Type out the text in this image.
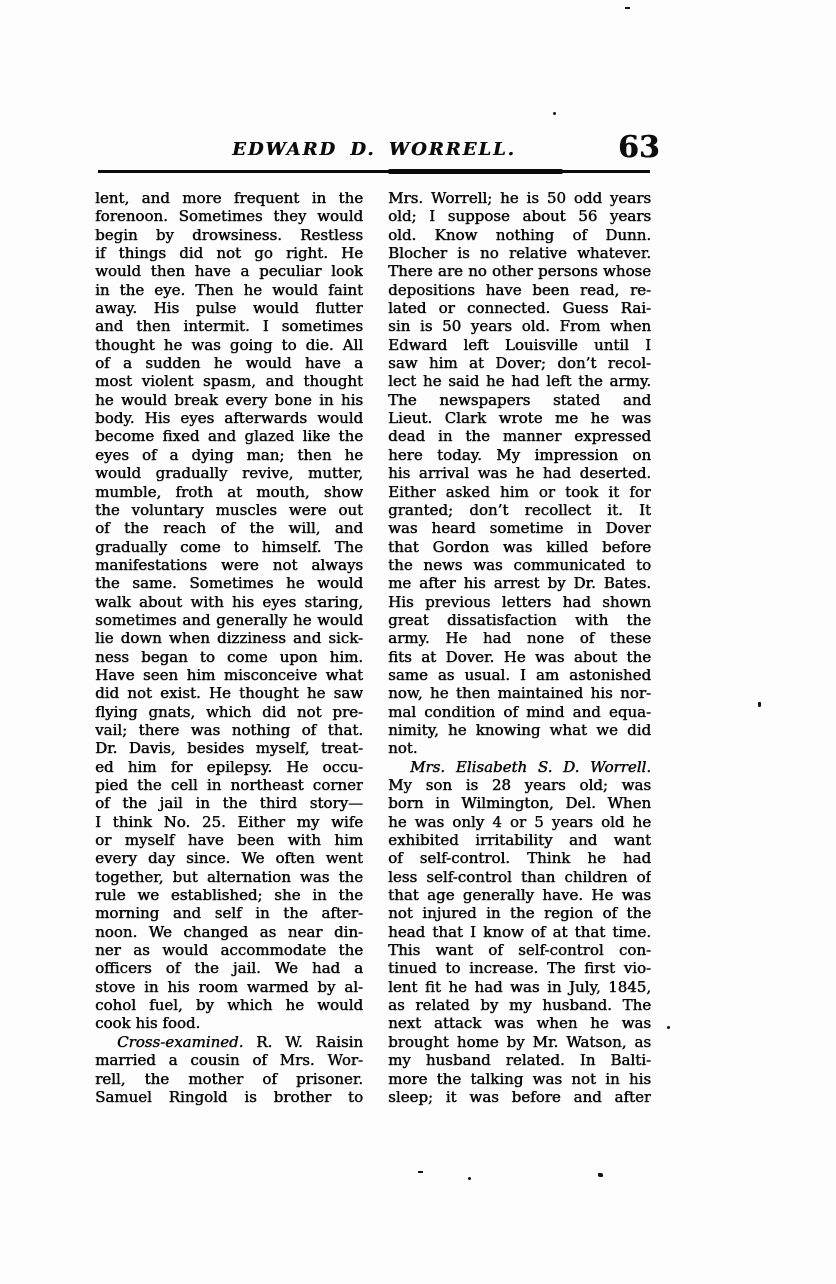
EDWARD D. WORRELL.	63
lent, and more frequent in the
forenoon. Sometimes they would
begin by drowsiness. Restless
if things did not go right. He
would then have a peculiar look
in the eye. Then he would faint
away. His pulse would flutter
and then intermit. I sometimes
thought he was going to die. All
of a sudden he would have a
most violent spasm, and thought
he would break every bone in his
body. His eyes afterwards would
become fixed and glazed like the
eyes of a dying man; then he
would gradually revive, mutter,
mumble, froth at mouth, show
the voluntary muscles were out
of the reach of the will, and
gradually come to himself. The
manifestations were not always
the same. Sometimes he would
walk about with his eyes staring,
sometimes and generally he would
lie down when dizziness and sick-
ness began to come upon him.
Have seen him misconceive what
did not exist. He thought he saw
flying gnats, which did not pre-
vail; there was nothing of that.
Dr. Davis, besides myself, treat-
ed him for epilepsy. He occu-
pied the cell in northeast corner
of the jail in the third story—
I think No. 25. Either my wife
or myself have been with him
every day since. We often went
together, but alternation was the
rule we established; she in the
morning and self in the after-
noon. We changed as near din-
ner as would accommodate the
officers of the jail. We had a
stove in his room warmed by al-
cohol fuel, by which he would
cook his food.
Cross-examined. R. W. Raisin
married a cousin of Mrs. Wor-
rell, the mother of prisoner.
Samuel Ringold is brother to
Mrs. Worrell; he is 50 odd years
old; I suppose about 56 years
old. Know nothing of Dunn.
Blocher is no relative whatever.
There are no other persons whose
depositions have been read, re-
lated or connected. Guess Rai-
sin is 50 years old. From when
Edward left Louisville until I
saw him at Dover; don’t recol-
lect he said he had left the army.
The newspapers stated and
Lieut. Clark wrote me he was
dead in the manner expressed
here today. My impression on
his arrival was he had deserted.
Either asked him or took it for
granted; don’t recollect it. It
was heard sometime in Dover
that Gordon was killed before
the news was communicated to
me after his arrest by Dr. Bates.
His previous letters had shown
great dissatisfaction with the
army. He had none of these
fits at Dover. He was about the
same as usual. I am astonished
now, he then maintained his nor-
mal condition of mind and equa-
nimity, he knowing what we did
not.
Mrs. Elisabeth S. D. Worrell.
My son is 28 years old; was
born in Wilmington, Del. When
he was only 4 or 5 years old he
exhibited irritability and want
of self-control. Think he had
less self-control than children of
that age generally have. He was
not injured in the region of the
head that I know of at that time.
This want of self-control con-
tinued to increase. The first vio-
lent fit he had was in July, 1845,
as related by my husband. The
next attack was when he was
brought home by Mr. Watson, as
my husband related. In Balti-
more the talking was not in his
sleep; it was before and after
